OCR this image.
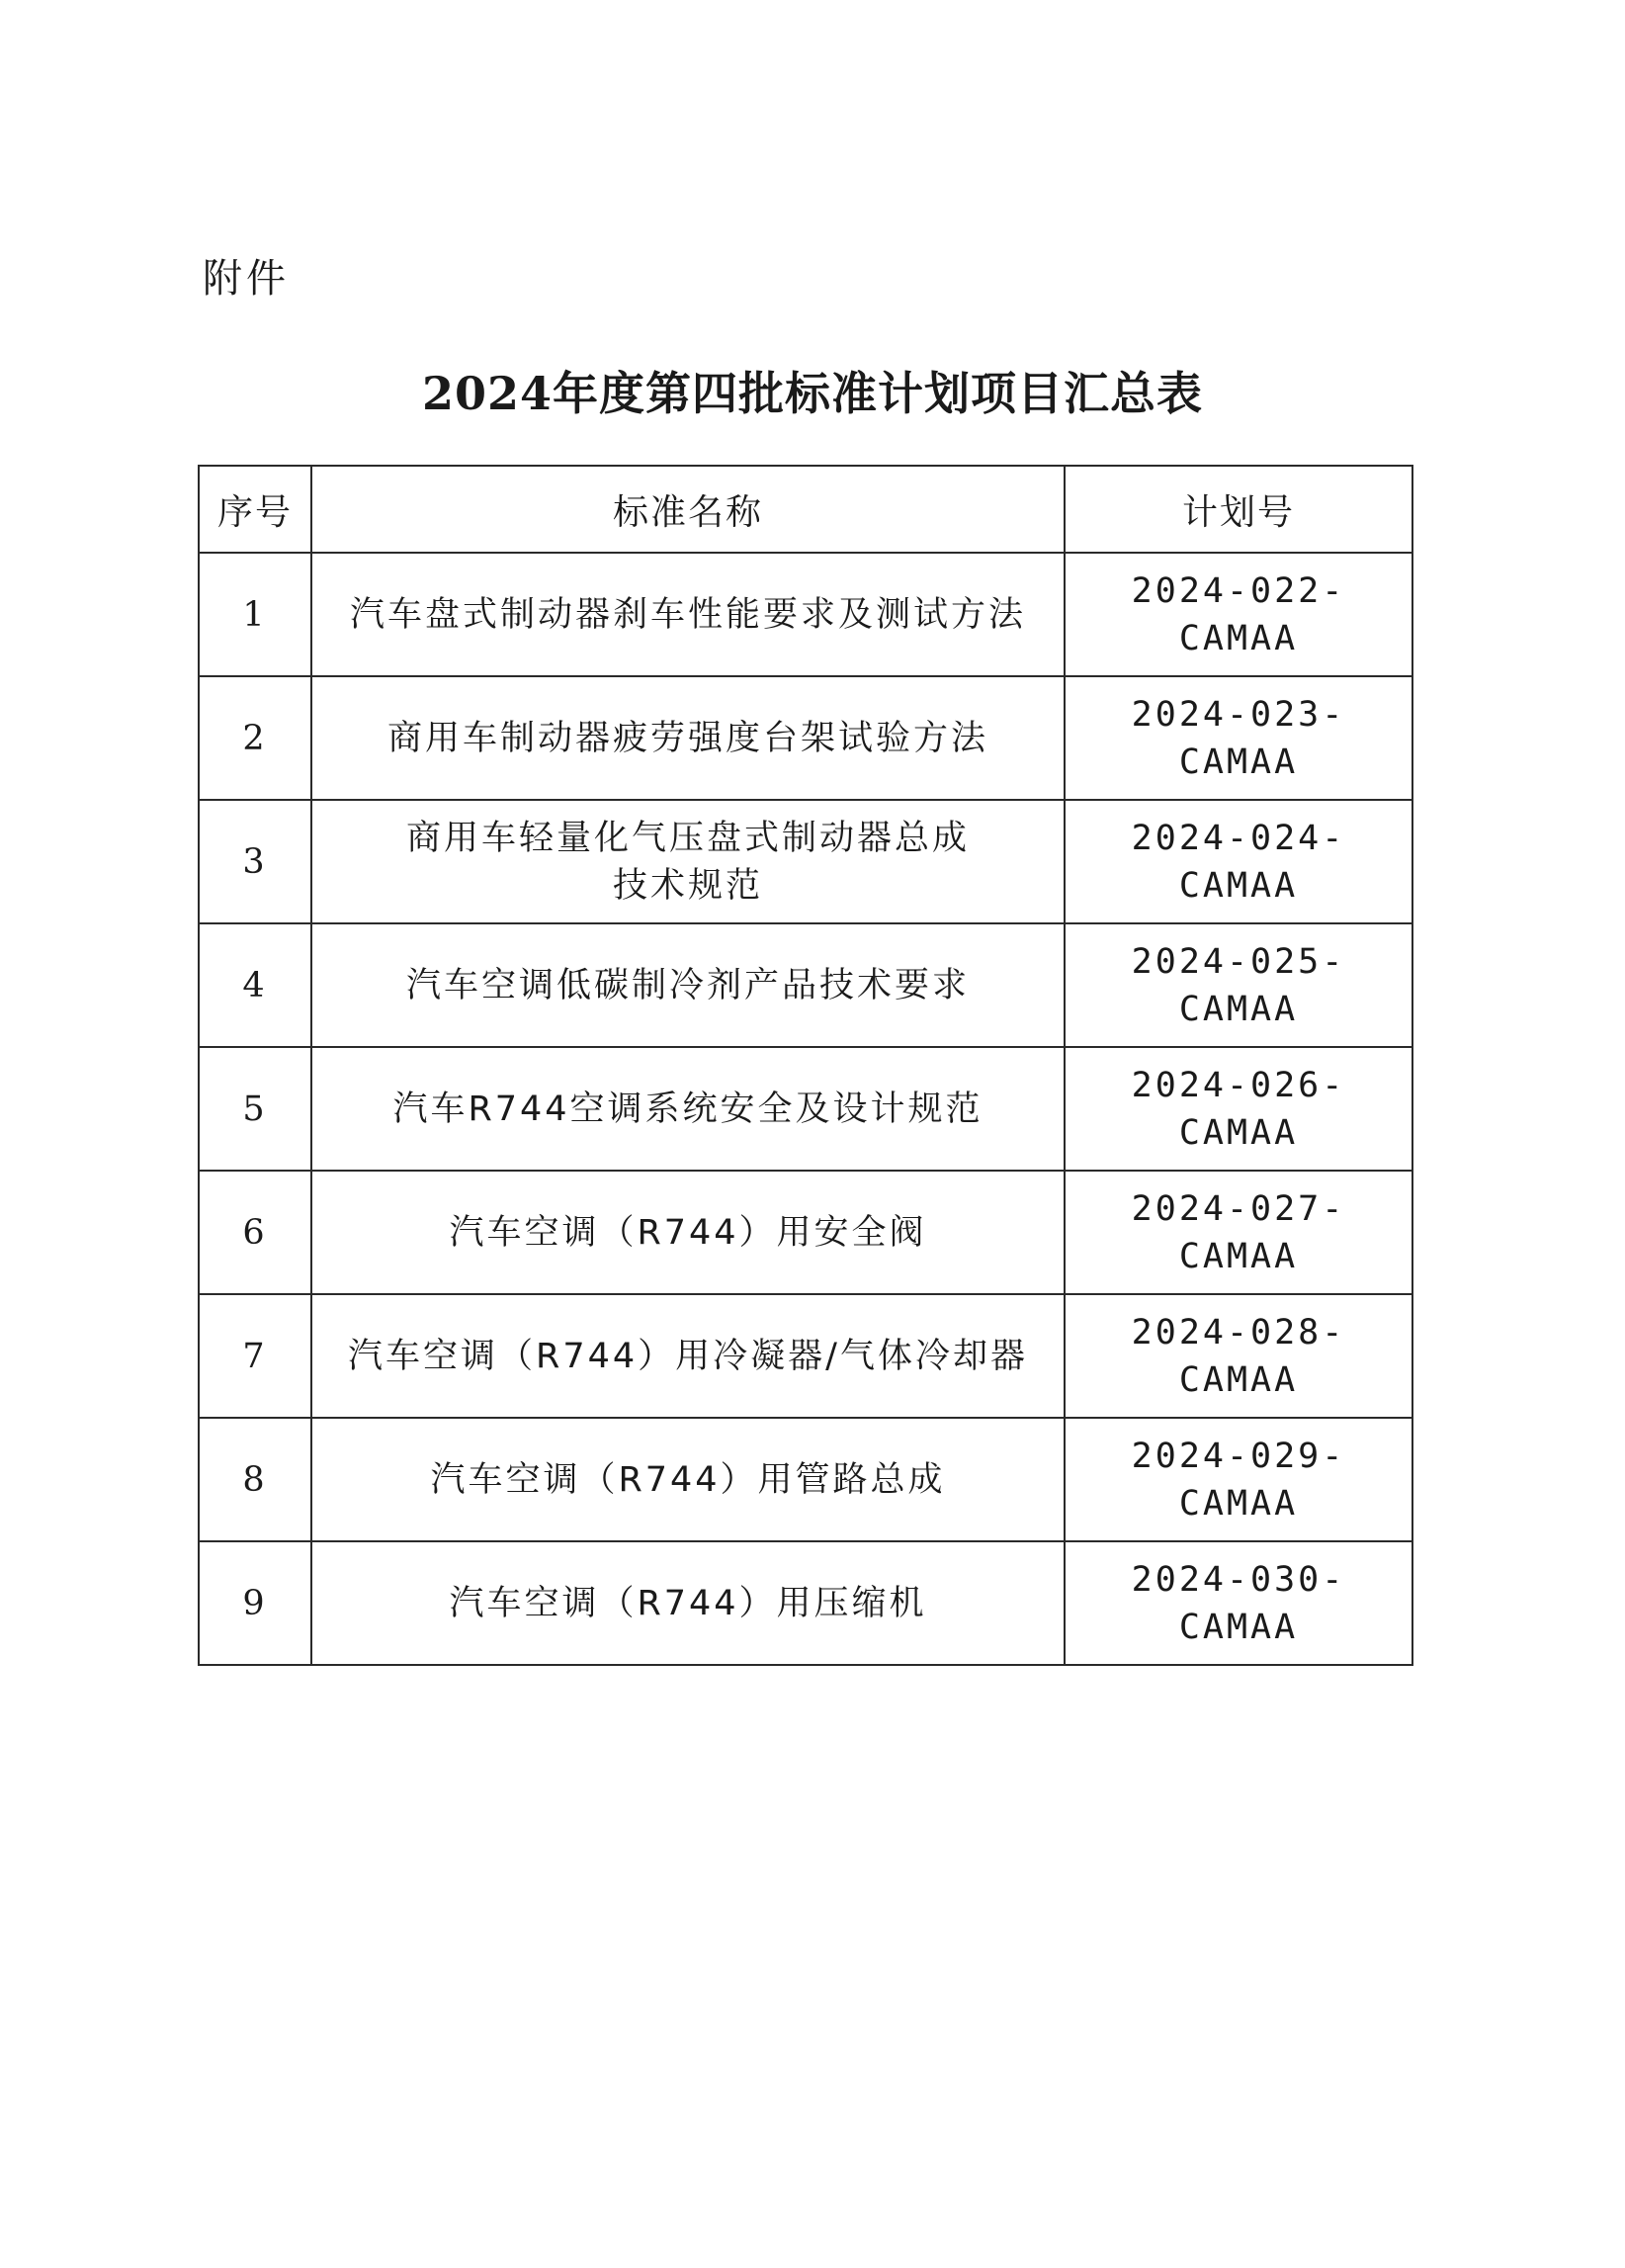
附件
2024年度第四批标准计划项目汇总表
序号	标准名称	计划号
1	汽车盘式制动器刹车性能要求及测试方法	2024-022-CAMAA
2	商用车制动器疲劳强度台架试验方法	2024-023-CAMAA
3	商用车轻量化气压盘式制动器总成
技术规范	2024-024-CAMAA
4	汽车空调低碳制冷剂产品技术要求	2024-025-CAMAA
5	汽车R744空调系统安全及设计规范	2024-026-CAMAA
6	汽车空调（R744）用安全阀	2024-027-CAMAA
7	汽车空调（R744）用冷凝器/气体冷却器	2024-028-CAMAA
8	汽车空调（R744）用管路总成	2024-029-CAMAA
9	汽车空调（R744）用压缩机	2024-030-CAMAA
